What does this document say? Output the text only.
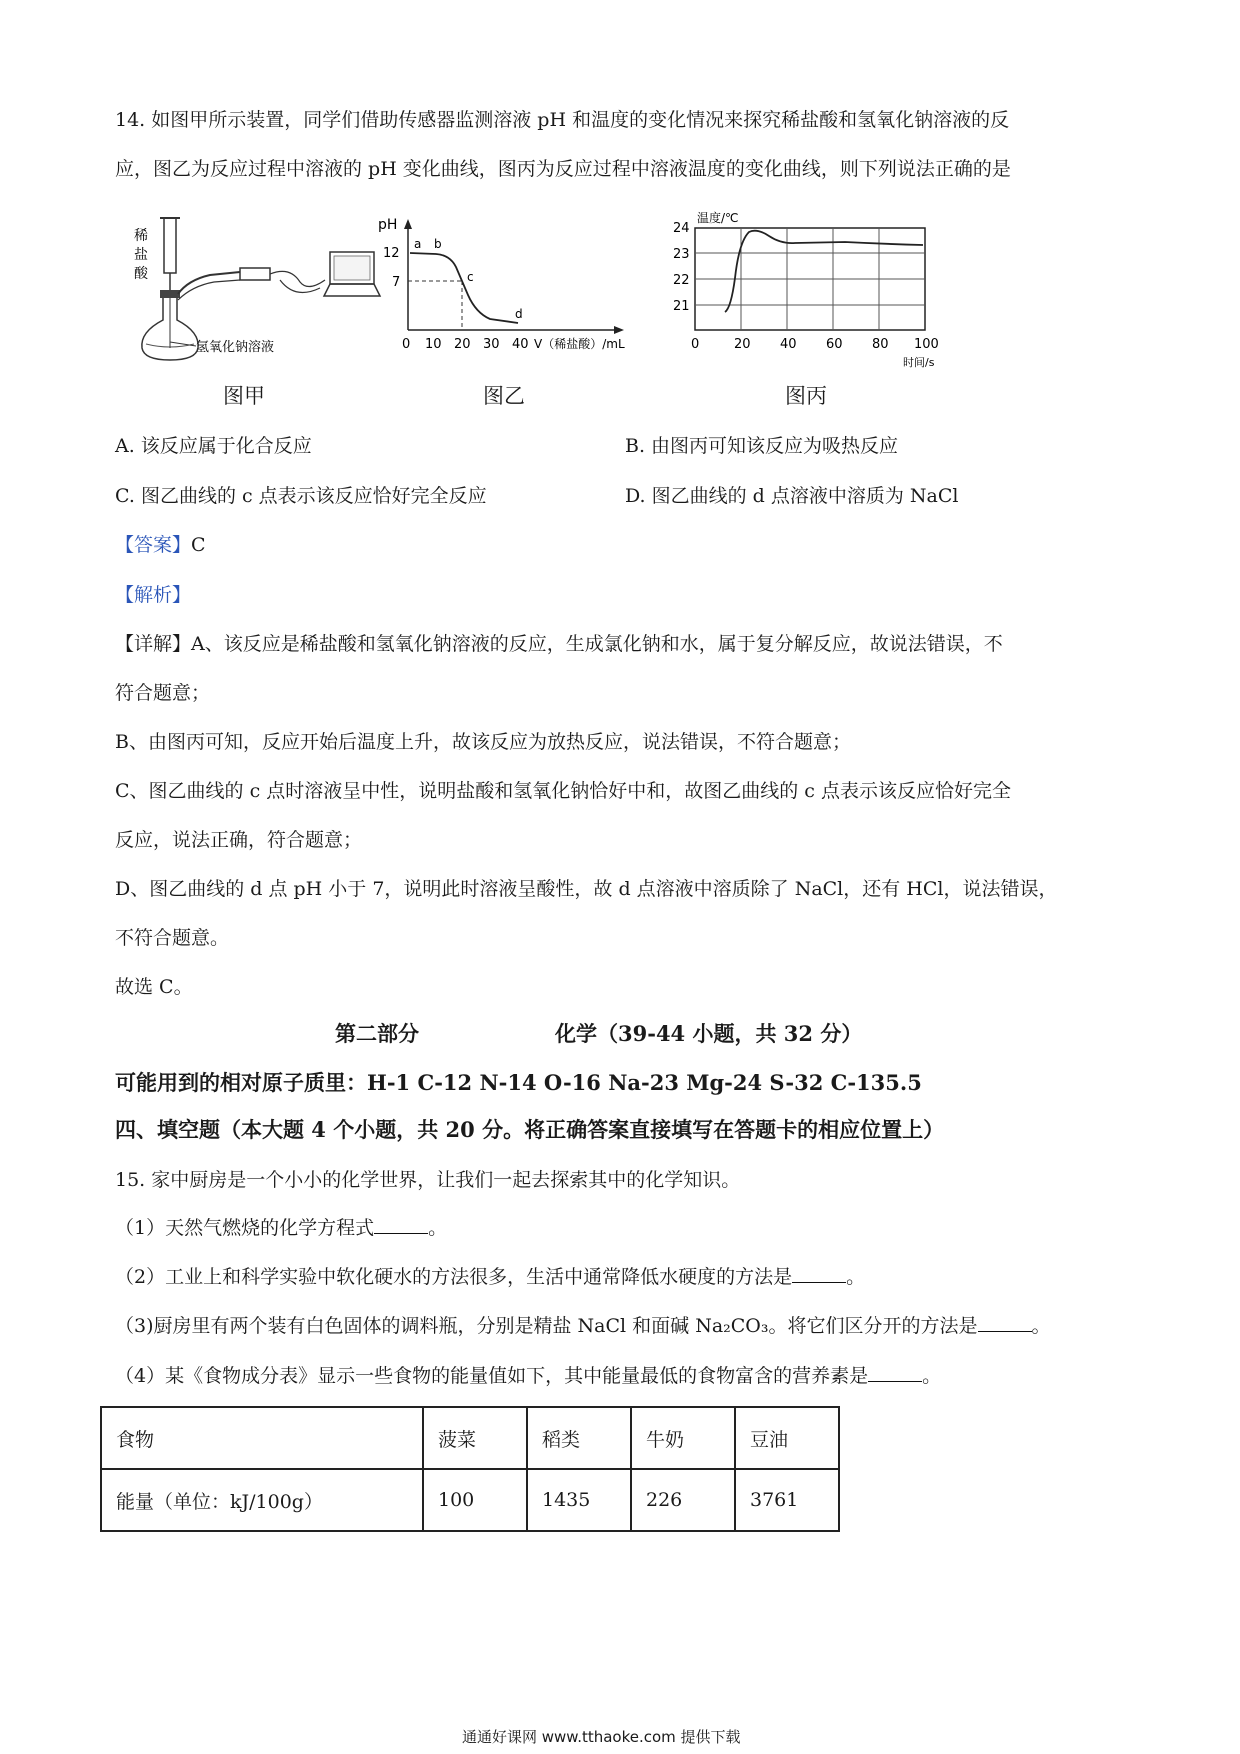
14. 如图甲所示装置，同学们借助传感器监测溶液 pH 和温度的变化情况来探究稀盐酸和氢氧化钠溶液的反
应，图乙为反应过程中溶液的 pH 变化曲线，图丙为反应过程中溶液温度的变化曲线，则下列说法正确的是
稀
盐
酸
氢氧化钠溶液
图甲
pH
12
7
0 10 20 30 40 V（稀盐酸）/mL
a b
c
d
图乙
温度/℃
24
23
22
21
0	20 40 60 80 100
时间/s
图丙
A. 该反应属于化合反应	B. 由图丙可知该反应为吸热反应
C. 图乙曲线的 c 点表示该反应恰好完全反应	D. 图乙曲线的 d 点溶液中溶质为 NaCl
【答案】C
【解析】
【详解】A、该反应是稀盐酸和氢氧化钠溶液的反应，生成氯化钠和水，属于复分解反应，故说法错误，不
符合题意；
B、由图丙可知，反应开始后温度上升，故该反应为放热反应，说法错误，不符合题意；
C、图乙曲线的 c 点时溶液呈中性，说明盐酸和氢氧化钠恰好中和，故图乙曲线的 c 点表示该反应恰好完全
反应，说法正确，符合题意；
D、图乙曲线的 d 点 pH 小于 7，说明此时溶液呈酸性，故 d 点溶液中溶质除了 NaCl，还有 HCl，说法错误，
不符合题意。
故选 C。
第二部分	化学（39-44 小题，共 32 分）
可能用到的相对原子质里：H-1 C-12 N-14 O-16 Na-23 Mg-24 S-32 C-135.5
四、填空题（本大题 4 个小题，共 20 分。将正确答案直接填写在答题卡的相应位置上）
15. 家中厨房是一个小小的化学世界，让我们一起去探索其中的化学知识。
（1）天然气燃烧的化学方程式	。
（2）工业上和科学实验中软化硬水的方法很多，生活中通常降低水硬度的方法是	。
（3)厨房里有两个装有白色固体的调料瓶，分别是精盐 NaCl 和面碱 Na₂CO₃。将它们区分开的方法是	。
（4）某《食物成分表》显示一些食物的能量值如下，其中能量最低的食物富含的营养素是	。
食物	菠菜	稻类	牛奶	豆油
能量（单位：kJ/100g）	100	1435	226	3761
通通好课网 www.tthaoke.com 提供下载
